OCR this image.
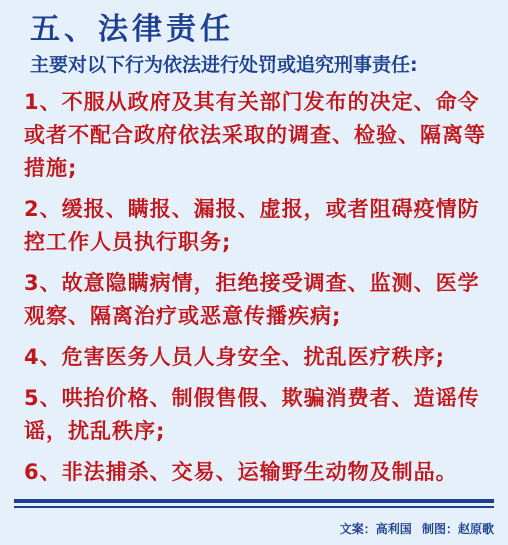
五、法律责任
主要对以下行为依法进行处罚或追究刑事责任:
1、不服从政府及其有关部门发布的决定、命令或者不配合政府依法采取的调查、检验、隔离等措施;
2、缓报、瞒报、漏报、虚报，或者阻碍疫情防控工作人员执行职务;
3、故意隐瞒病情，拒绝接受调查、监测、医学观察、隔离治疗或恶意传播疾病;
4、危害医务人员人身安全、扰乱医疗秩序;
5、哄抬价格、制假售假、欺骗消费者、造谣传谣，扰乱秩序;
6、非法捕杀、交易、运输野生动物及制品。
文案：高利国 制图：赵原歌
